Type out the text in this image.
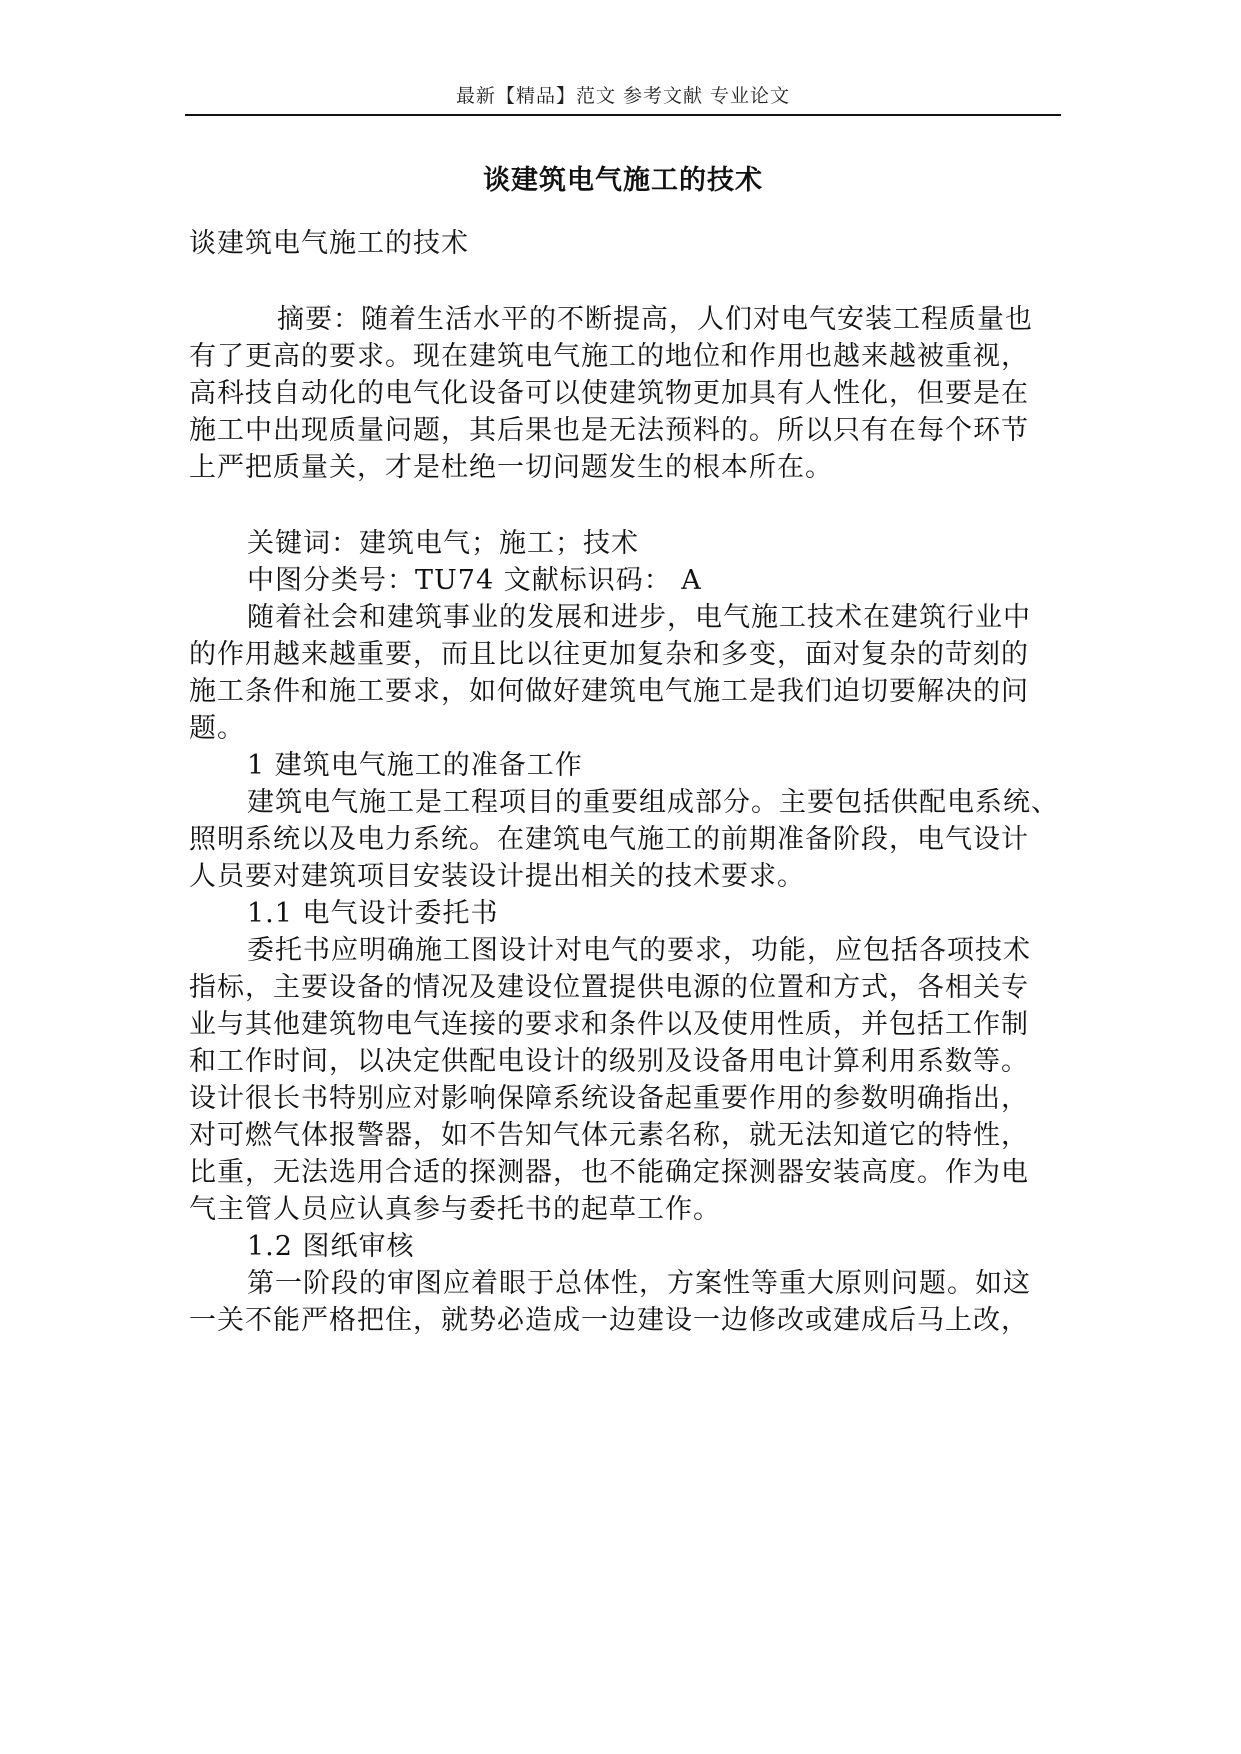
最新【精品】范文 参考文献 专业论文
谈建筑电气施工的技术
谈建筑电气施工的技术
摘要：随着生活水平的不断提高，人们对电气安装工程质量也
有了更高的要求。现在建筑电气施工的地位和作用也越来越被重视，
高科技自动化的电气化设备可以使建筑物更加具有人性化，但要是在
施工中出现质量问题，其后果也是无法预料的。所以只有在每个环节
上严把质量关，才是杜绝一切问题发生的根本所在。
关键词：建筑电气；施工；技术
中图分类号：TU74 文献标识码： A
随着社会和建筑事业的发展和进步，电气施工技术在建筑行业中
的作用越来越重要，而且比以往更加复杂和多变，面对复杂的苛刻的
施工条件和施工要求，如何做好建筑电气施工是我们迫切要解决的问
题。
1 建筑电气施工的准备工作
建筑电气施工是工程项目的重要组成部分。主要包括供配电系统、
照明系统以及电力系统。在建筑电气施工的前期准备阶段，电气设计
人员要对建筑项目安装设计提出相关的技术要求。
1.1 电气设计委托书
委托书应明确施工图设计对电气的要求，功能，应包括各项技术
指标，主要设备的情况及建设位置提供电源的位置和方式，各相关专
业与其他建筑物电气连接的要求和条件以及使用性质，并包括工作制
和工作时间，以决定供配电设计的级别及设备用电计算利用系数等。
设计很长书特别应对影响保障系统设备起重要作用的参数明确指出，
对可燃气体报警器，如不告知气体元素名称，就无法知道它的特性，
比重，无法选用合适的探测器，也不能确定探测器安装高度。作为电
气主管人员应认真参与委托书的起草工作。
1.2 图纸审核
第一阶段的审图应着眼于总体性，方案性等重大原则问题。如这
一关不能严格把住，就势必造成一边建设一边修改或建成后马上改，
